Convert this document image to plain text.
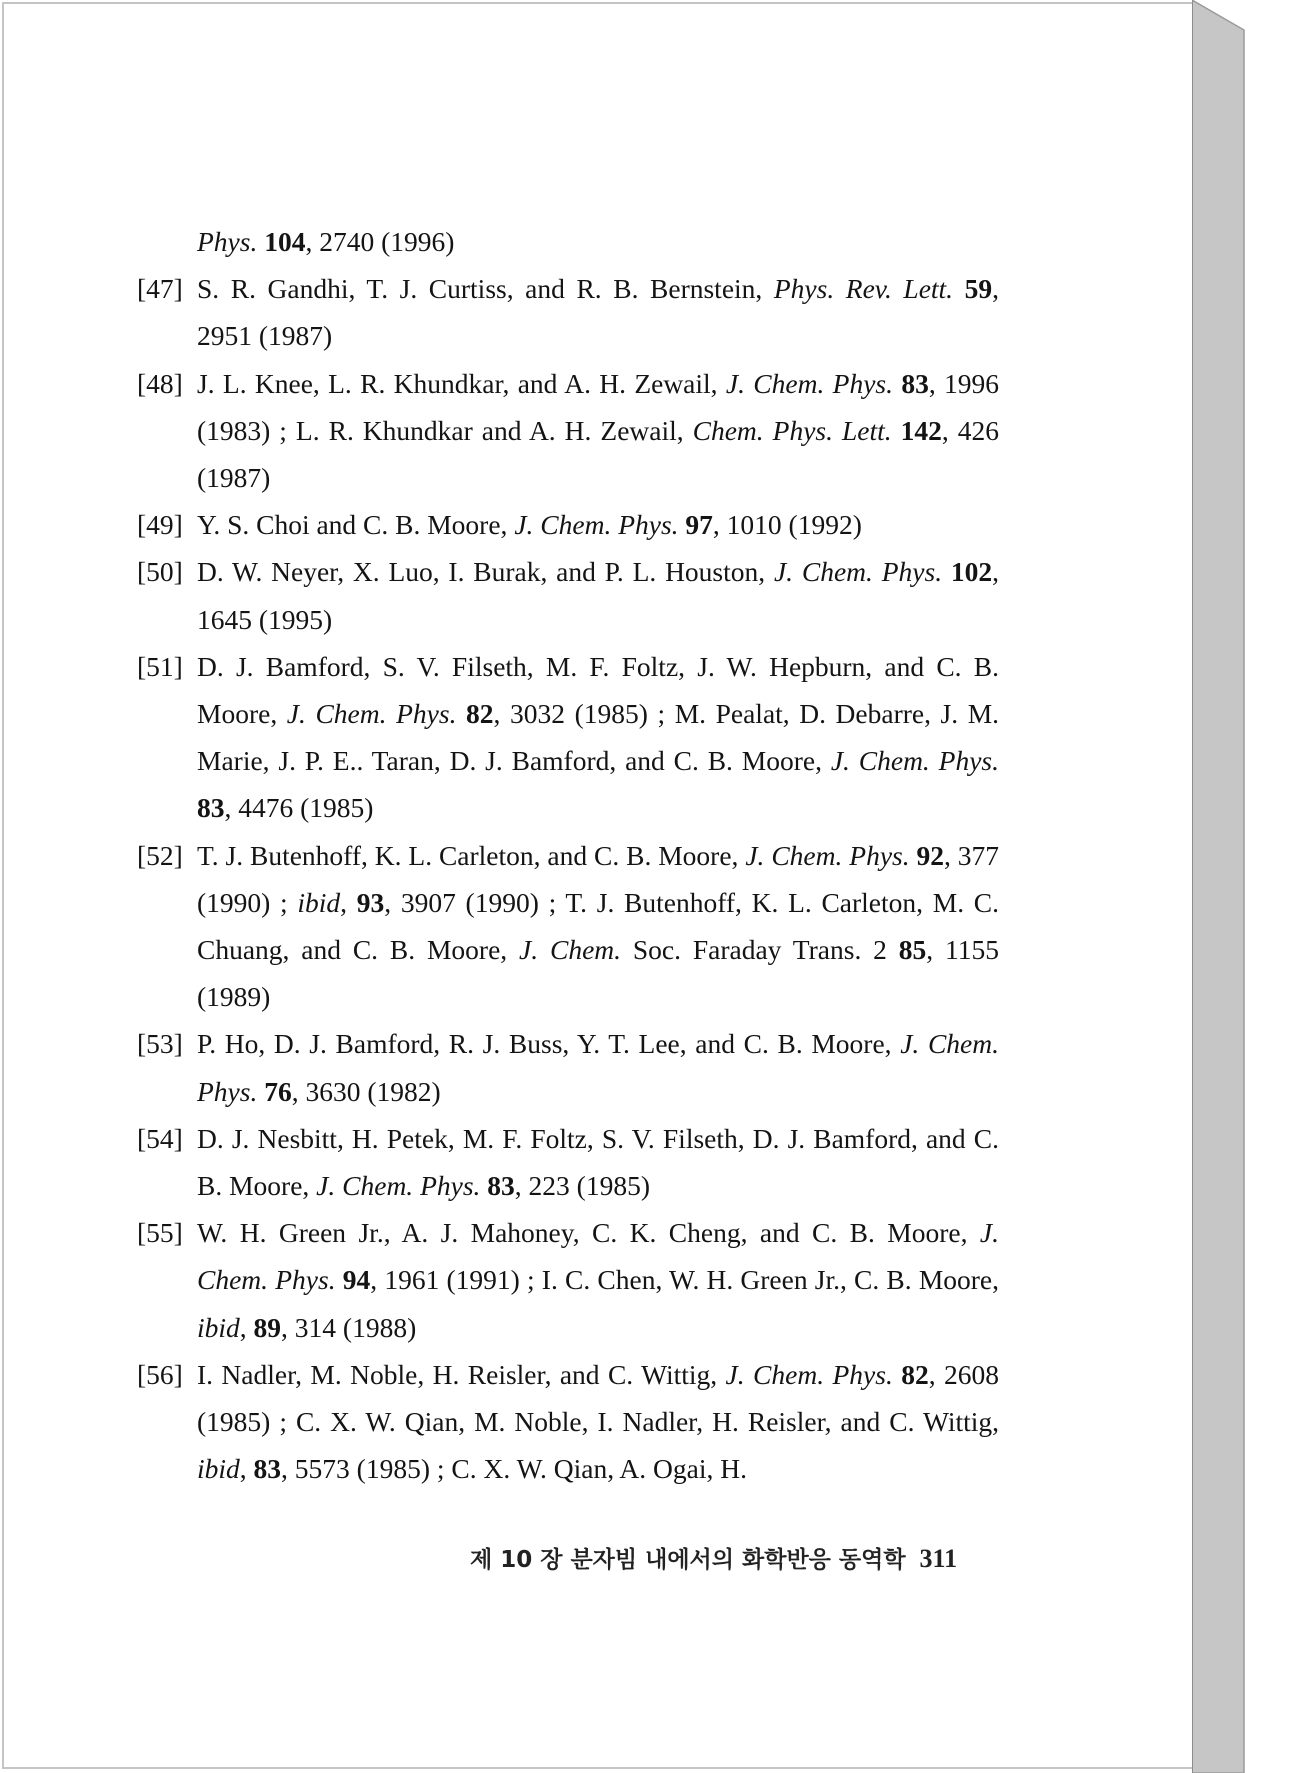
Phys. 104, 2740 (1996)
[47] S. R. Gandhi, T. J. Curtiss, and R. B. Bernstein, Phys. Rev. Lett. 59, 2951 (1987)
[48] J. L. Knee, L. R. Khundkar, and A. H. Zewail, J. Chem. Phys. 83, 1996 (1983) ; L. R. Khundkar and A. H. Zewail, Chem. Phys. Lett. 142, 426 (1987)
[49] Y. S. Choi and C. B. Moore, J. Chem. Phys. 97, 1010 (1992)
[50] D. W. Neyer, X. Luo, I. Burak, and P. L. Houston, J. Chem. Phys. 102, 1645 (1995)
[51] D. J. Bamford, S. V. Filseth, M. F. Foltz, J. W. Hepburn, and C. B. Moore, J. Chem. Phys. 82, 3032 (1985) ; M. Pealat, D. Debarre, J. M. Marie, J. P. E.. Taran, D. J. Bamford, and C. B. Moore, J. Chem. Phys. 83, 4476 (1985)
[52] T. J. Butenhoff, K. L. Carleton, and C. B. Moore, J. Chem. Phys. 92, 377 (1990) ; ibid, 93, 3907 (1990) ; T. J. Butenhoff, K. L. Carleton, M. C. Chuang, and C. B. Moore, J. Chem. Soc. Faraday Trans. 2 85, 1155 (1989)
[53] P. Ho, D. J. Bamford, R. J. Buss, Y. T. Lee, and C. B. Moore, J. Chem. Phys. 76, 3630 (1982)
[54] D. J. Nesbitt, H. Petek, M. F. Foltz, S. V. Filseth, D. J. Bamford, and C. B. Moore, J. Chem. Phys. 83, 223 (1985)
[55] W. H. Green Jr., A. J. Mahoney, C. K. Cheng, and C. B. Moore, J. Chem. Phys. 94, 1961 (1991) ; I. C. Chen, W. H. Green Jr., C. B. Moore, ibid, 89, 314 (1988)
[56] I. Nadler, M. Noble, H. Reisler, and C. Wittig, J. Chem. Phys. 82, 2608 (1985) ; C. X. W. Qian, M. Noble, I. Nadler, H. Reisler, and C. Wittig, ibid, 83, 5573 (1985) ; C. X. W. Qian, A. Ogai, H.
제 10 장 분자빔 내에서의 화학반응 동역학 311
